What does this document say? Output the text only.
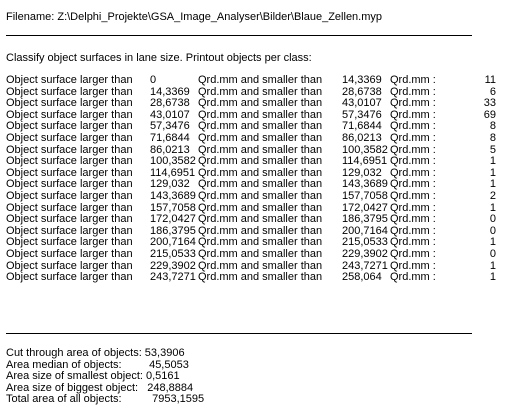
Filename: Z:\Delphi_Projekte\GSA_Image_Analyser\Bilder\Blaue_Zellen.myp
Classify object surfaces in lane size. Printout objects per class:
Object surface larger than 0	Qrd.mm and smaller than 14,3369 Qrd.mm :	11
Object surface larger than 14,3369 Qrd.mm and smaller than 28,6738 Qrd.mm :	6
Object surface larger than 28,6738 Qrd.mm and smaller than 43,0107 Qrd.mm :	33
Object surface larger than 43,0107 Qrd.mm and smaller than 57,3476 Qrd.mm :	69
Object surface larger than 57,3476 Qrd.mm and smaller than 71,6844 Qrd.mm :	8
Object surface larger than 71,6844 Qrd.mm and smaller than 86,0213 Qrd.mm :	8
Object surface larger than 86,0213 Qrd.mm and smaller than 100,3582 Qrd.mm :	5
Object surface larger than 100,3582 Qrd.mm and smaller than 114,6951 Qrd.mm :	1
Object surface larger than 114,6951 Qrd.mm and smaller than 129,032 Qrd.mm :	1
Object surface larger than 129,032 Qrd.mm and smaller than 143,3689 Qrd.mm :	1
Object surface larger than 143,3689 Qrd.mm and smaller than 157,7058 Qrd.mm :	2
Object surface larger than 157,7058 Qrd.mm and smaller than 172,0427 Qrd.mm :	1
Object surface larger than 172,0427 Qrd.mm and smaller than 186,3795 Qrd.mm :	0
Object surface larger than 186,3795 Qrd.mm and smaller than 200,7164 Qrd.mm :	0
Object surface larger than 200,7164 Qrd.mm and smaller than 215,0533 Qrd.mm :	1
Object surface larger than 215,0533 Qrd.mm and smaller than 229,3902 Qrd.mm :	0
Object surface larger than 229,3902 Qrd.mm and smaller than 243,7271 Qrd.mm :	1
Object surface larger than 243,7271 Qrd.mm and smaller than 258,064 Qrd.mm :	1
Cut through area of objects: 53,3906
Area median of objects:         45,5053
Area size of smallest object: 0,5161
Area size of biggest object:   248,8884
Total area of all objects:          7953,1595
